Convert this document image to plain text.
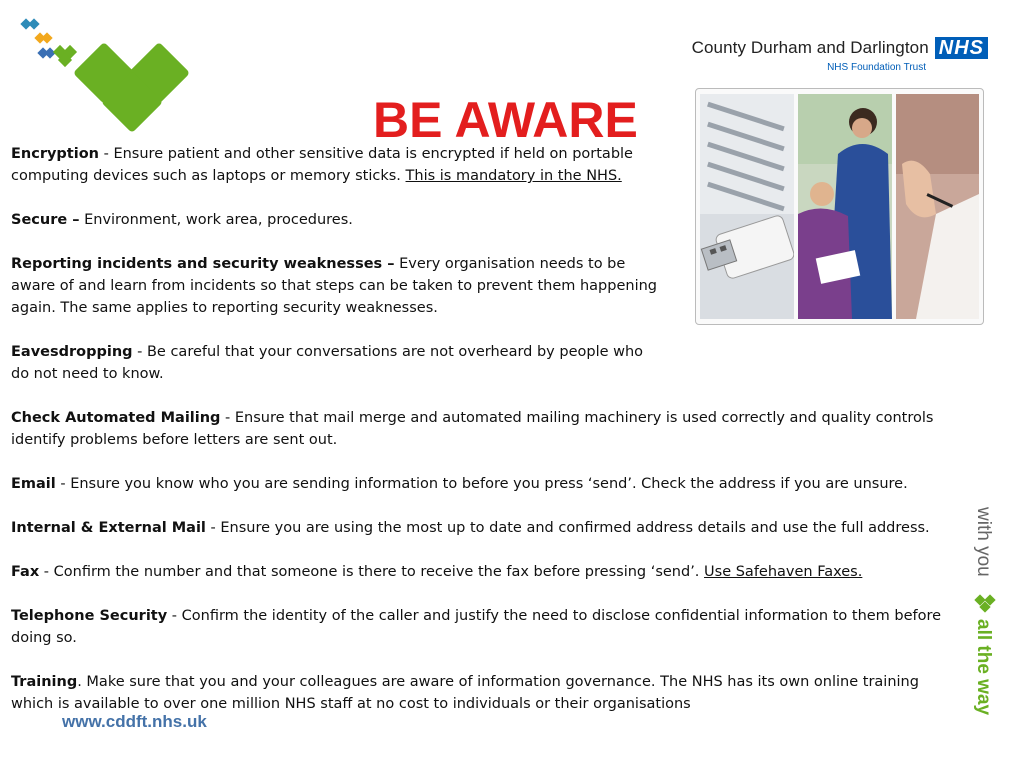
County Durham and Darlington NHS
NHS Foundation Trust
BE AWARE

Encryption - Ensure patient and other sensitive data is encrypted if held on portable computing devices such as laptops or memory sticks. This is mandatory in the NHS.

Secure – Environment, work area, procedures.

Reporting incidents and security weaknesses – Every organisation needs to be aware of and learn from incidents so that steps can be taken to prevent them happening again. The same applies to reporting security weaknesses.

Eavesdropping - Be careful that your conversations are not overheard by people who do not need to know.

Check Automated Mailing - Ensure that mail merge and automated mailing machinery is used correctly and quality controls identify problems before letters are sent out.

Email - Ensure you know who you are sending information to before you press ‘send’. Check the address if you are unsure.

Internal & External Mail - Ensure you are using the most up to date and confirmed address details and use the full address.

Fax - Confirm the number and that someone is there to receive the fax before pressing ‘send’. Use Safehaven Faxes.

Telephone Security - Confirm the identity of the caller and justify the need to disclose confidential information to them before doing so.

Training. Make sure that you and your colleagues are aware of information governance. The NHS has its own online training which is available to over one million NHS staff at no cost to individuals or their organisations

www.cddft.nhs.uk
with you
all the way
